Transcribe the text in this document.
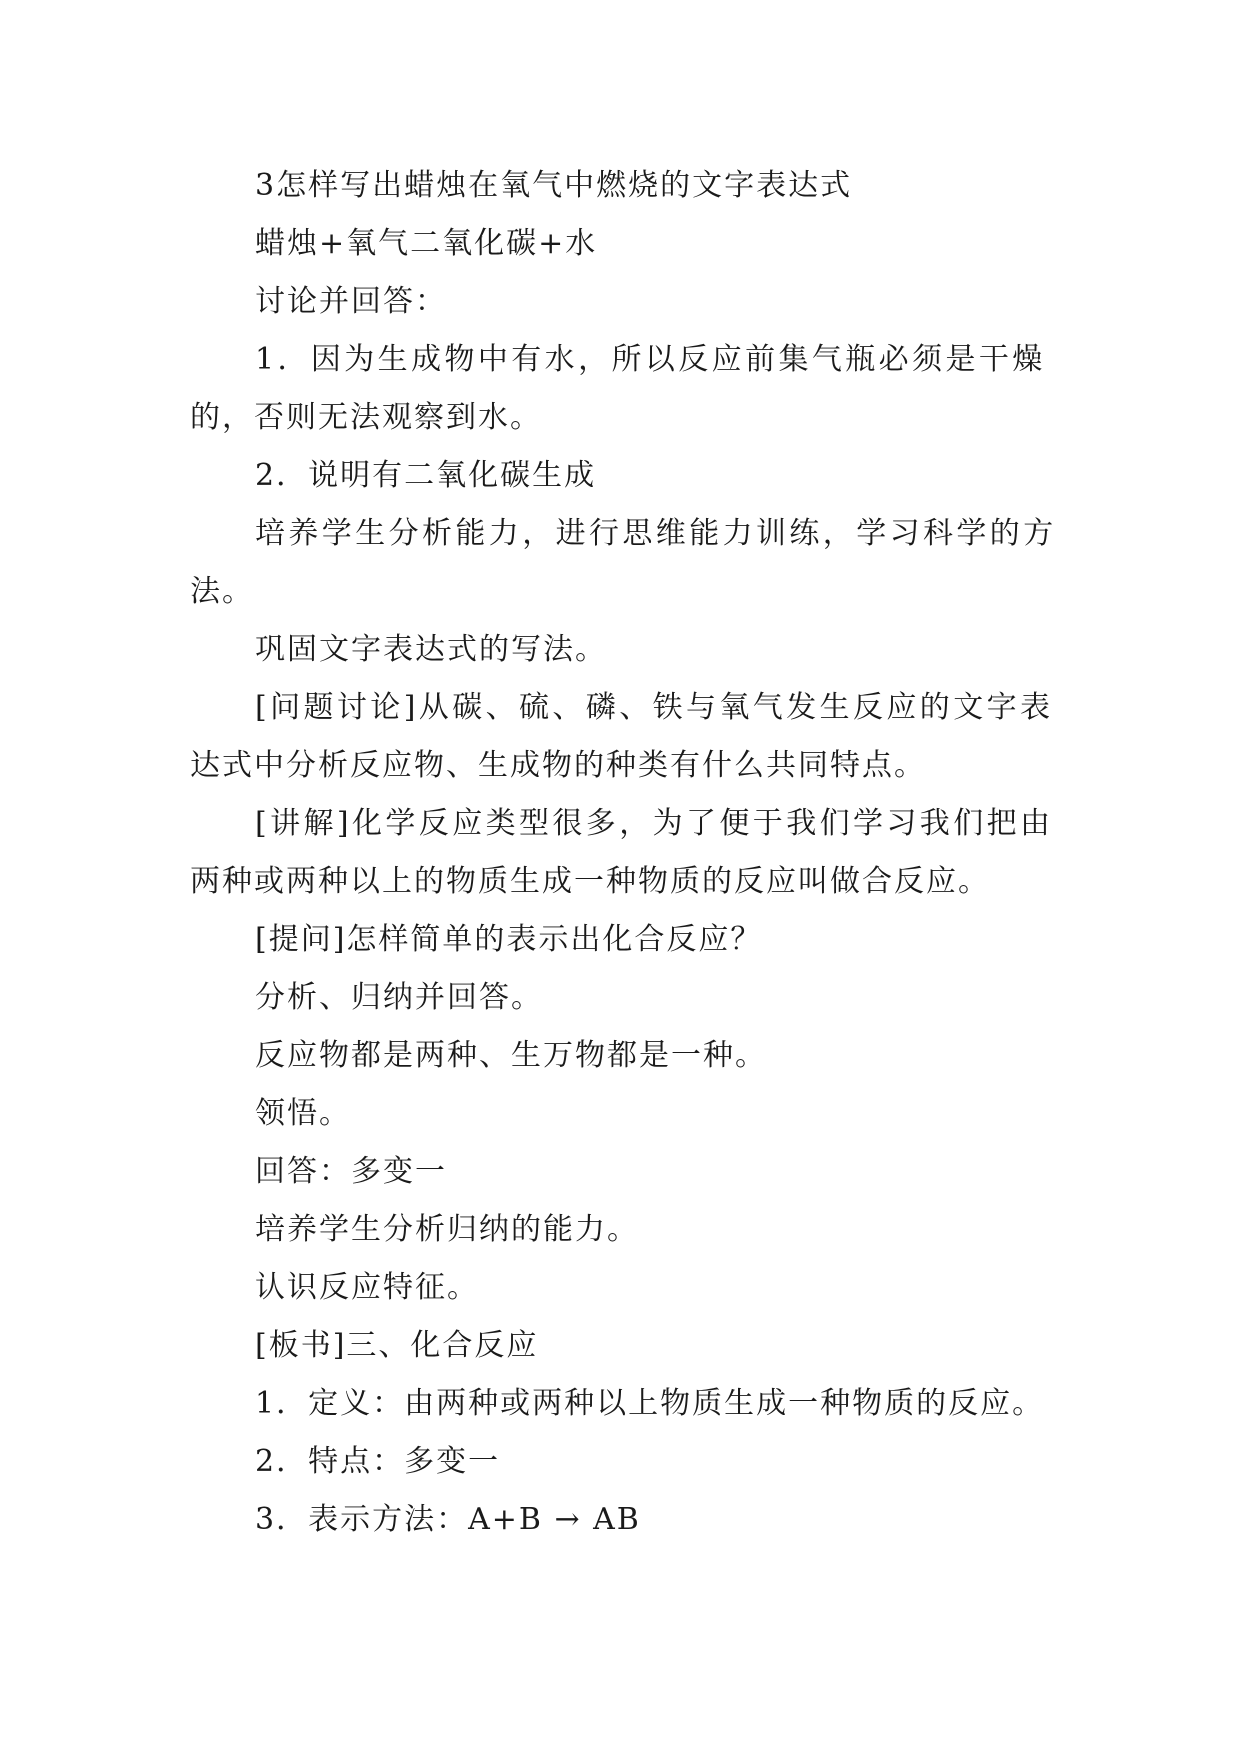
3怎样写出蜡烛在氧气中燃烧的文字表达式
蜡烛+氧气二氧化碳+水
讨论并回答：
1．因为生成物中有水，所以反应前集气瓶必须是干燥
的，否则无法观察到水。
2．说明有二氧化碳生成
培养学生分析能力，进行思维能力训练，学习科学的方
法。
巩固文字表达式的写法。
[问题讨论]从碳、硫、磷、铁与氧气发生反应的文字表
达式中分析反应物、生成物的种类有什么共同特点。
[讲解]化学反应类型很多，为了便于我们学习我们把由
两种或两种以上的物质生成一种物质的反应叫做合反应。
[提问]怎样简单的表示出化合反应？
分析、归纳并回答。
反应物都是两种、生万物都是一种。
领悟。
回答：多变一
培养学生分析归纳的能力。
认识反应特征。
[板书]三、化合反应
1．定义：由两种或两种以上物质生成一种物质的反应。
2．特点：多变一
3．表示方法：A+B → AB
